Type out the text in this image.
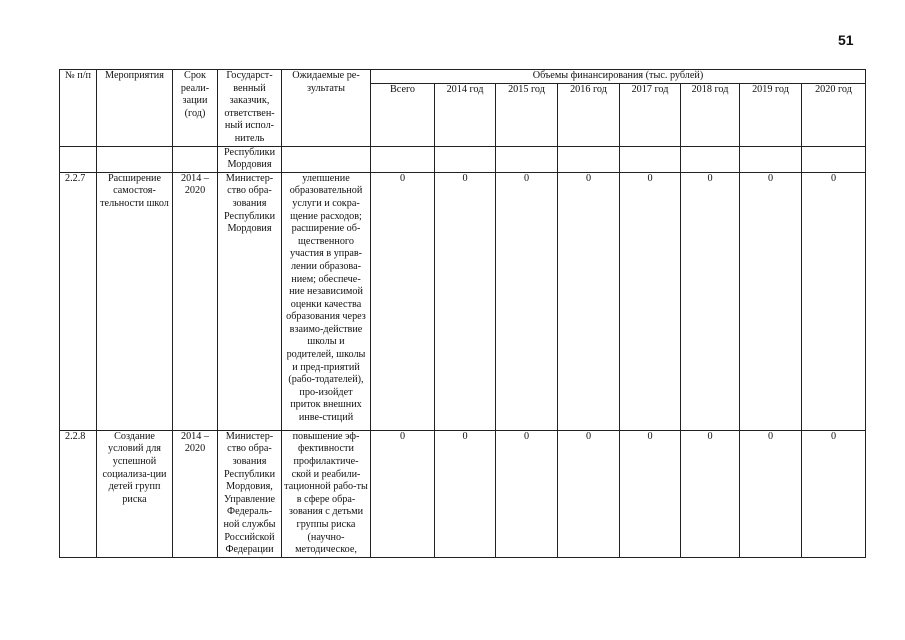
51
№ п/п	Мероприятия	Срок реали-зации (год)	Государст-венный заказчик, ответствен-ный испол-нитель	Ожидаемые ре-зультаты	Объемы финансирования (тыс. рублей)							
					Всего	2014 год	2015 год	2016 год	2017 год	2018 год	2019 год	2020 год
			Республики Мордовия									
2.2.7	Расширение самостоя-тельности школ	2014 – 2020	Министер-ство обра-зования Республики Мордовия	улепшение образовательной услуги и сокра-щение расходов; расширение об-щественного участия в управ-лении образова-нием; обеспече-ние независимой оценки качества образования через взаимо-действие школы и родителей, школы и пред-приятий (рабо-тодателей), про-изойдет приток внешних инве-стиций	0	0	0	0	0	0	0	0
2.2.8	Создание условий для успешной социализа-ции детей групп риска	2014 – 2020	Министер-ство обра-зования Республики Мордовия, Управление Федераль-ной службы Российской Федерации	повышение эф-фективности профилактиче-ской и реабили-тационной рабо-ты в сфере обра-зования с детьми группы риска (научно-методическое,	0	0	0	0	0	0	0	0
